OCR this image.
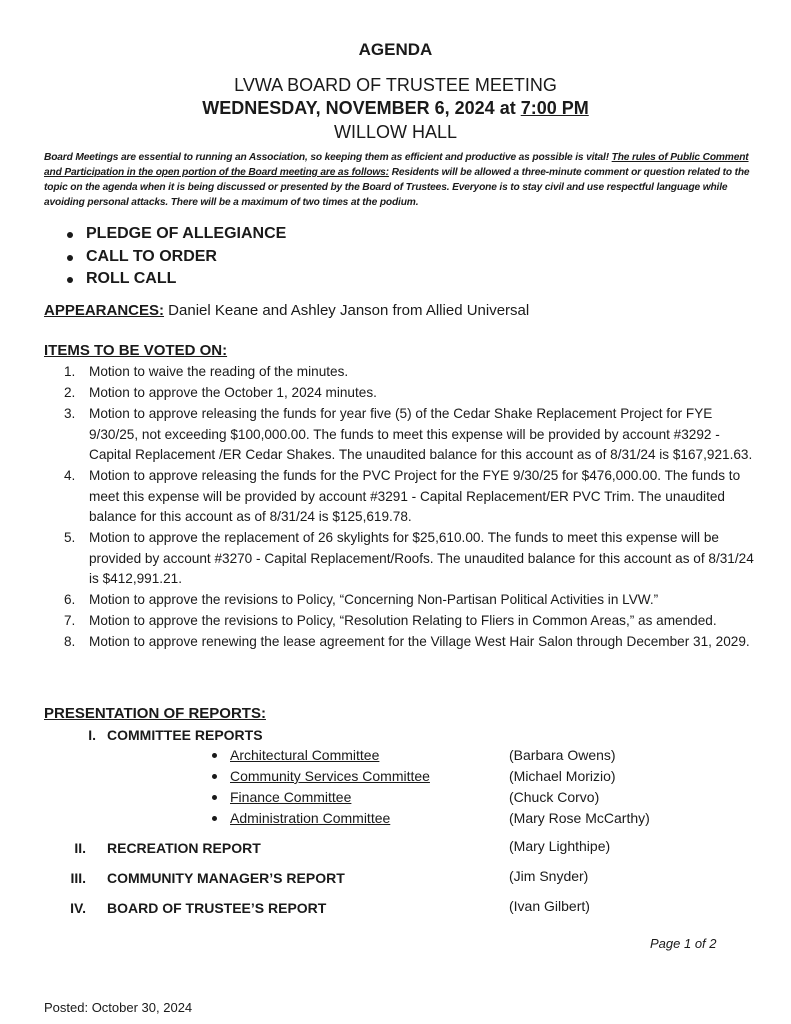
AGENDA
LVWA BOARD OF TRUSTEE MEETING
WEDNESDAY, NOVEMBER 6, 2024 at 7:00 PM
WILLOW HALL
Board Meetings are essential to running an Association, so keeping them as efficient and productive as possible is vital! The rules of Public Comment and Participation in the open portion of the Board meeting are as follows: Residents will be allowed a three-minute comment or question related to the topic on the agenda when it is being discussed or presented by the Board of Trustees. Everyone is to stay civil and use respectful language while avoiding personal attacks. There will be a maximum of two times at the podium.
PLEDGE OF ALLEGIANCE
CALL TO ORDER
ROLL CALL
APPEARANCES: Daniel Keane and Ashley Janson from Allied Universal
ITEMS TO BE VOTED ON:
1. Motion to waive the reading of the minutes.
2. Motion to approve the October 1, 2024 minutes.
3. Motion to approve releasing the funds for year five (5) of the Cedar Shake Replacement Project for FYE 9/30/25, not exceeding $100,000.00. The funds to meet this expense will be provided by account #3292 - Capital Replacement /ER Cedar Shakes. The unaudited balance for this account as of 8/31/24 is $167,921.63.
4. Motion to approve releasing the funds for the PVC Project for the FYE 9/30/25 for $476,000.00. The funds to meet this expense will be provided by account #3291 - Capital Replacement/ER PVC Trim. The unaudited balance for this account as of 8/31/24 is $125,619.78.
5. Motion to approve the replacement of 26 skylights for $25,610.00. The funds to meet this expense will be provided by account #3270 - Capital Replacement/Roofs. The unaudited balance for this account as of 8/31/24 is $412,991.21.
6. Motion to approve the revisions to Policy, “Concerning Non-Partisan Political Activities in LVW.”
7. Motion to approve the revisions to Policy, “Resolution Relating to Fliers in Common Areas,” as amended.
8. Motion to approve renewing the lease agreement for the Village West Hair Salon through December 31, 2029.
PRESENTATION OF REPORTS:
I. COMMITTEE REPORTS
Architectural Committee	(Barbara Owens)
Community Services Committee	(Michael Morizio)
Finance Committee	(Chuck Corvo)
Administration Committee	(Mary Rose McCarthy)
II. RECREATION REPORT	(Mary Lighthipe)
III. COMMUNITY MANAGER’S REPORT	(Jim Snyder)
IV. BOARD OF TRUSTEE’S REPORT	(Ivan Gilbert)
Page 1 of 2
Posted: October 30, 2024
